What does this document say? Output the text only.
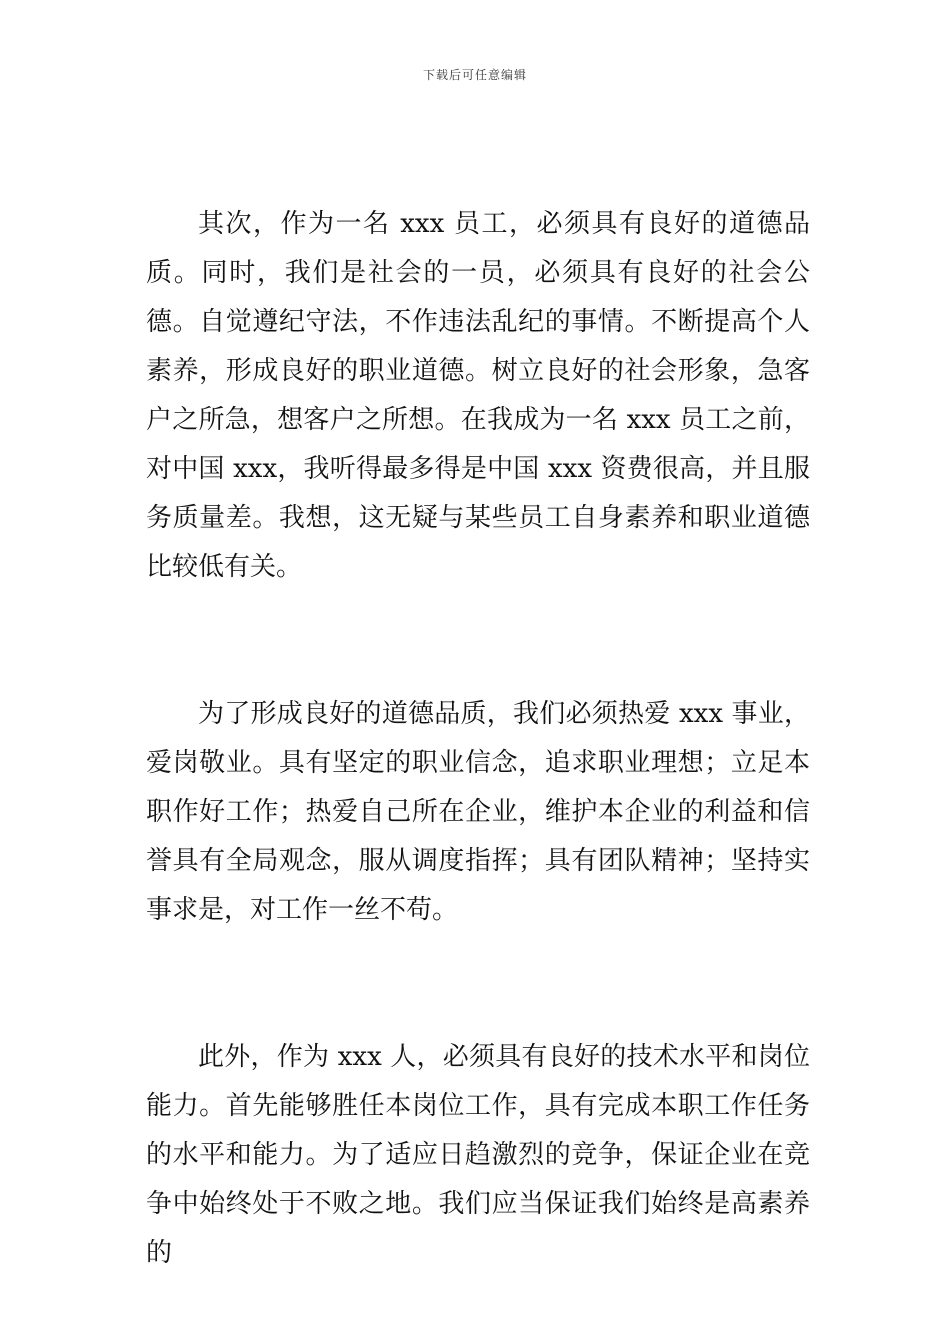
下载后可任意编辑

其次，作为一名 xxx 员工，必须具有良好的道德品质。同时，我们是社会的一员，必须具有良好的社会公德。自觉遵纪守法，不作违法乱纪的事情。不断提高个人素养，形成良好的职业道德。树立良好的社会形象，急客户之所急，想客户之所想。在我成为一名 xxx 员工之前，对中国 xxx，我听得最多得是中国 xxx 资费很高，并且服务质量差。我想，这无疑与某些员工自身素养和职业道德比较低有关。

为了形成良好的道德品质，我们必须热爱 xxx 事业，爱岗敬业。具有坚定的职业信念，追求职业理想；立足本职作好工作；热爱自己所在企业，维护本企业的利益和信誉具有全局观念，服从调度指挥；具有团队精神；坚持实事求是，对工作一丝不苟。

此外，作为 xxx 人，必须具有良好的技术水平和岗位能力。首先能够胜任本岗位工作，具有完成本职工作任务的水平和能力。为了适应日趋激烈的竞争，保证企业在竞争中始终处于不败之地。我们应当保证我们始终是高素养的
